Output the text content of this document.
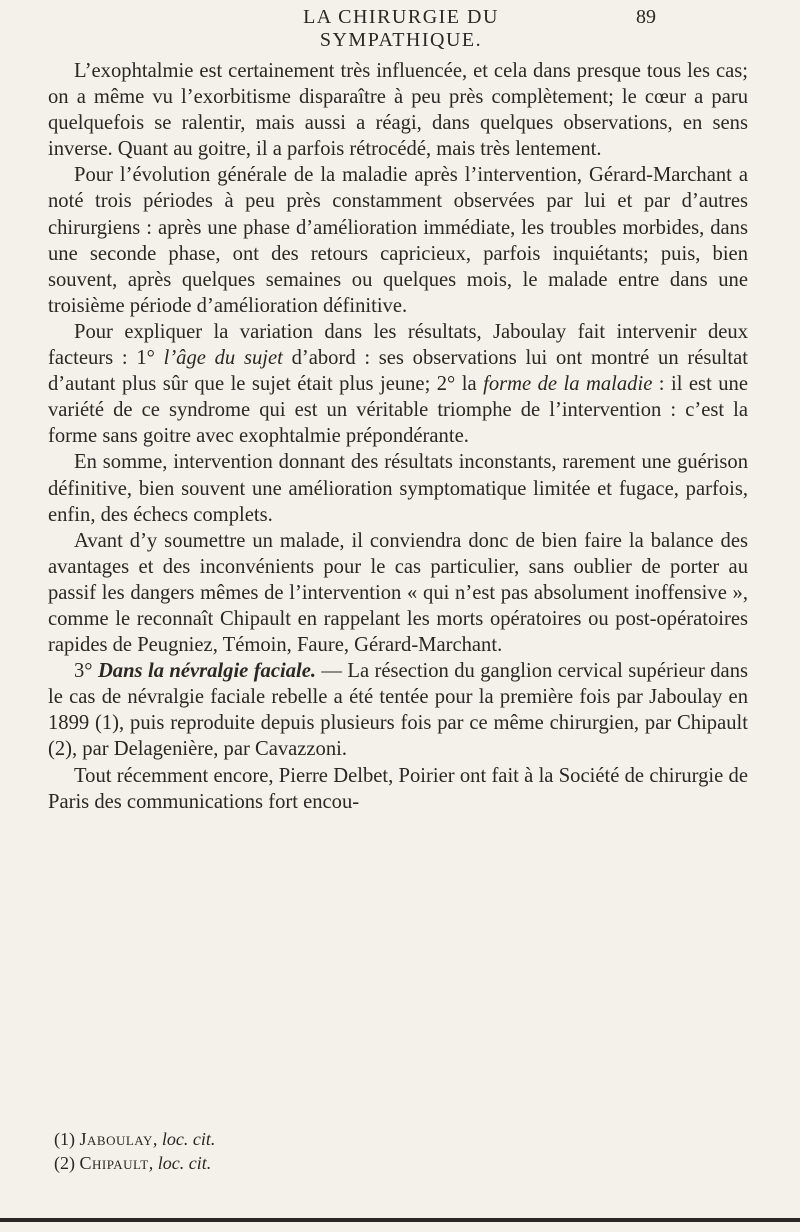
LA CHIRURGIE DU SYMPATHIQUE.
89

L’exophtalmie est certainement très influencée, et cela dans presque tous les cas; on a même vu l’exorbitisme disparaître à peu près complètement; le cœur a paru quelquefois se ralentir, mais aussi a réagi, dans quelques observations, en sens inverse. Quant au goitre, il a parfois rétrocédé, mais très lentement.

Pour l’évolution générale de la maladie après l’intervention, Gérard-Marchant a noté trois périodes à peu près constamment observées par lui et par d’autres chirurgiens : après une phase d’amélioration immédiate, les troubles morbides, dans une seconde phase, ont des retours capricieux, parfois inquiétants; puis, bien souvent, après quelques semaines ou quelques mois, le malade entre dans une troisième période d’amélioration définitive.

Pour expliquer la variation dans les résultats, Jaboulay fait intervenir deux facteurs : 1° l’âge du sujet d’abord : ses observations lui ont montré un résultat d’autant plus sûr que le sujet était plus jeune; 2° la forme de la maladie : il est une variété de ce syndrome qui est un véritable triomphe de l’intervention : c’est la forme sans goitre avec exophtalmie prépondérante.

En somme, intervention donnant des résultats inconstants, rarement une guérison définitive, bien souvent une amélioration symptomatique limitée et fugace, parfois, enfin, des échecs complets.

Avant d’y soumettre un malade, il conviendra donc de bien faire la balance des avantages et des inconvénients pour le cas particulier, sans oublier de porter au passif les dangers mêmes de l’intervention « qui n’est pas absolument inoffensive », comme le reconnaît Chipault en rappelant les morts opératoires ou post-opératoires rapides de Peugniez, Témoin, Faure, Gérard-Marchant.

3° Dans la névralgie faciale. — La résection du ganglion cervical supérieur dans le cas de névralgie faciale rebelle a été tentée pour la première fois par Jaboulay en 1899 (1), puis reproduite depuis plusieurs fois par ce même chirurgien, par Chipault (2), par Delagenière, par Cavazzoni.

Tout récemment encore, Pierre Delbet, Poirier ont fait à la Société de chirurgie de Paris des communications fort encou-

(1) Jaboulay, loc. cit.

(2) Chipault, loc. cit.
